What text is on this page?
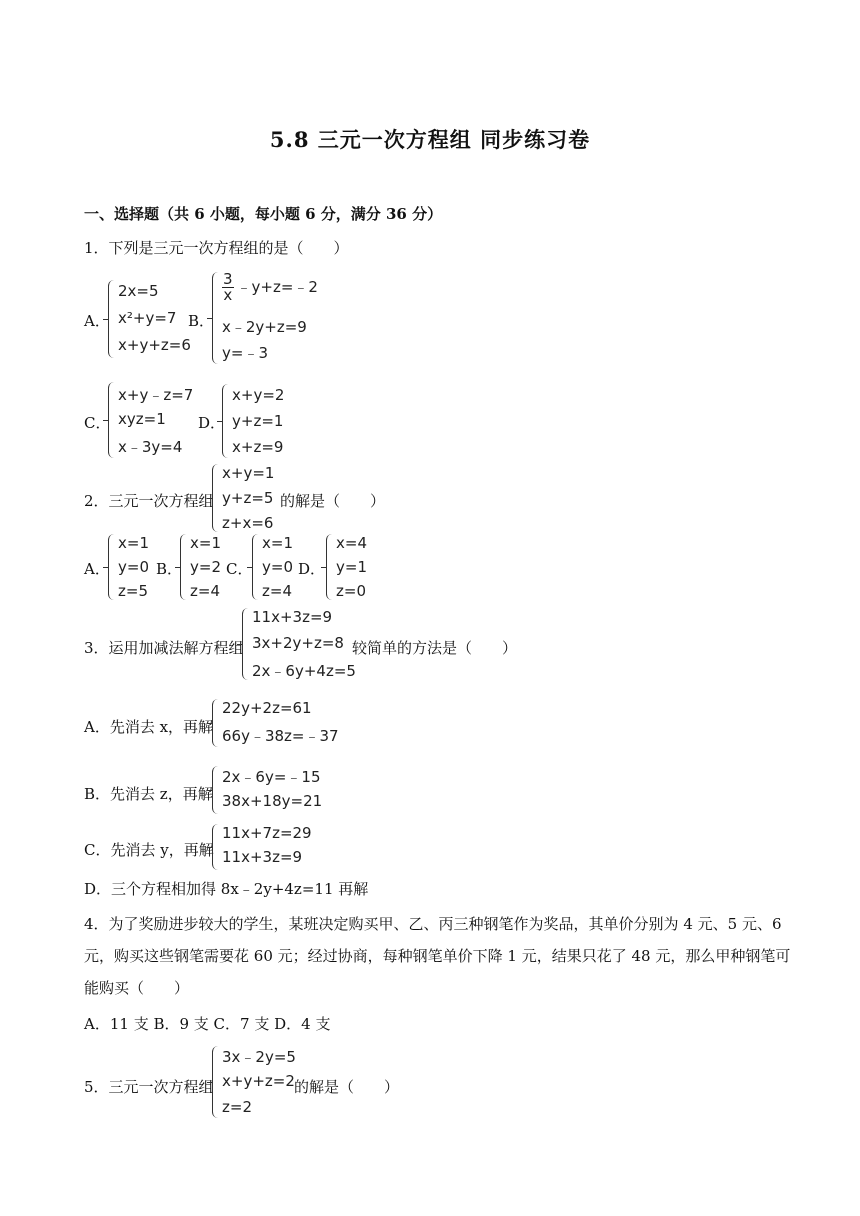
5.8 三元一次方程组 同步练习卷
一、选择题（共 6 小题，每小题 6 分，满分 36 分）
1．下列是三元一次方程组的是（　　）
A．
2x=5
x²+y=7
x+y+z=6
B．
$\frac{3}{x}$ ﹣y+z=﹣2
x﹣2y+z=9
y=﹣3
C．
x+y﹣z=7
xyz=1
x﹣3y=4
D．
x+y=2
y+z=1
x+z=9
2．三元一次方程组
x+y=1
y+z=5
z+x=6
的解是（　　）
A．
x=1
y=0
z=5
B．
x=1
y=2
z=4
C．
x=1
y=0
z=4
D．
x=4
y=1
z=0
3．运用加减法解方程组
11x+3z=9
3x+2y+z=8
2x﹣6y+4z=5
较简单的方法是（　　）
A．先消去 x，再解
22y+2z=61
66y﹣38z=﹣37
B．先消去 z，再解
2x﹣6y=﹣15
38x+18y=21
C．先消去 y，再解
11x+7z=29
11x+3z=9
D．三个方程相加得 8x﹣2y+4z=11 再解
4．为了奖励进步较大的学生，某班决定购买甲、乙、丙三种钢笔作为奖品，其单价分别为 4 元、5 元、6
元，购买这些钢笔需要花 60 元；经过协商，每种钢笔单价下降 1 元，结果只花了 48 元，那么甲种钢笔可
能购买（　　）
A．11 支 B．9 支 C．7 支 D．4 支
5．三元一次方程组
3x﹣2y=5
x+y+z=2
z=2
的解是（　　）
